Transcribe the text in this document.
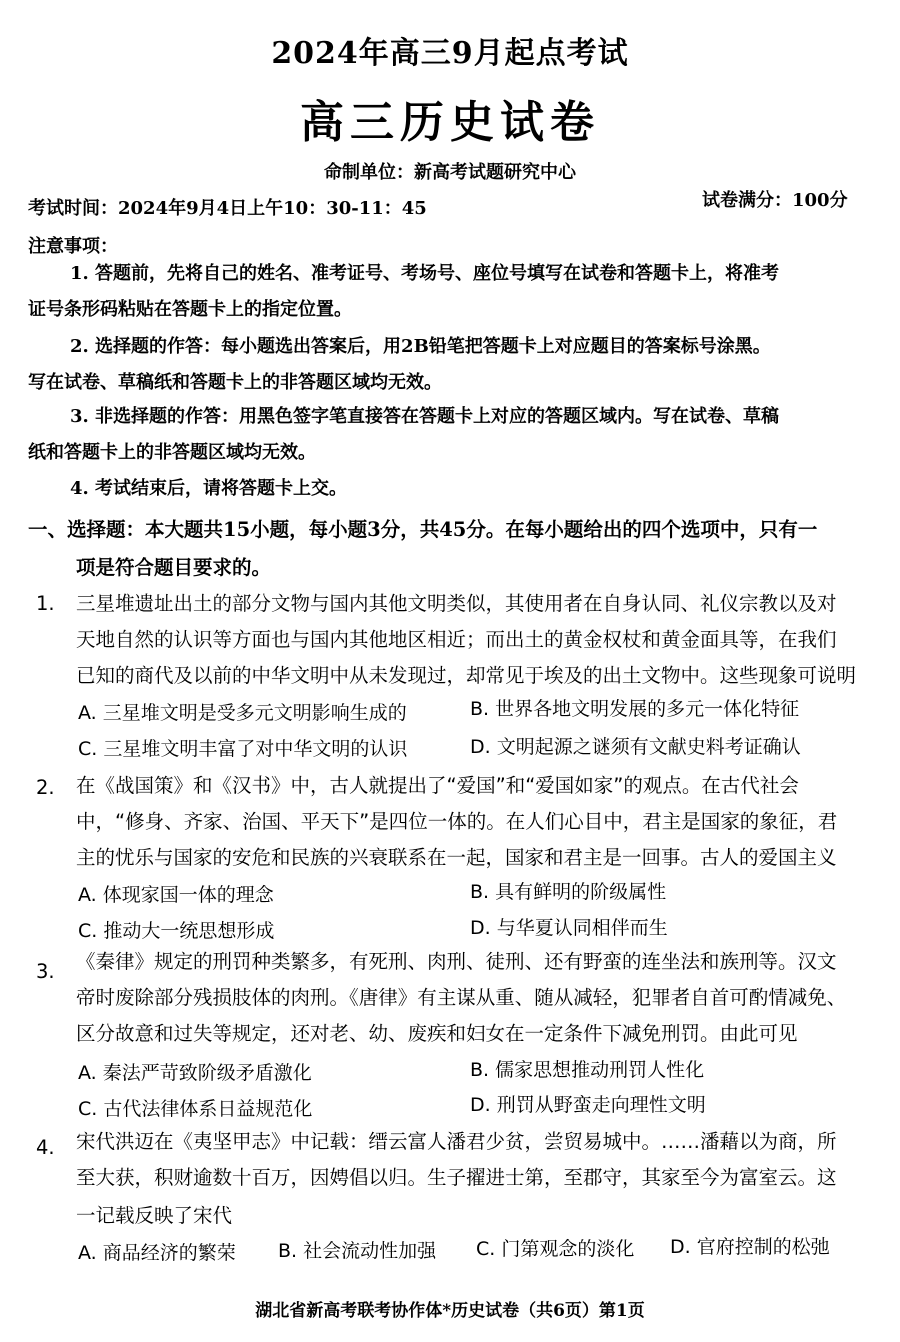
2024年高三9月起点考试
高三历史试卷
命制单位：新高考试题研究中心
考试时间：2024年9月4日上午10：30-11：45	试卷满分：100分
注意事项：
1. 答题前，先将自己的姓名、准考证号、考场号、座位号填写在试卷和答题卡上，将准考
证号条形码粘贴在答题卡上的指定位置。
2. 选择题的作答：每小题选出答案后，用2B铅笔把答题卡上对应题目的答案标号涂黑。
写在试卷、草稿纸和答题卡上的非答题区域均无效。
3. 非选择题的作答：用黑色签字笔直接答在答题卡上对应的答题区域内。写在试卷、草稿
纸和答题卡上的非答题区域均无效。
4. 考试结束后，请将答题卡上交。
一、选择题：本大题共15小题，每小题3分，共45分。在每小题给出的四个选项中，只有一
项是符合题目要求的。
1. 三星堆遗址出土的部分文物与国内其他文明类似，其使用者在自身认同、礼仪宗教以及对
天地自然的认识等方面也与国内其他地区相近；而出土的黄金权杖和黄金面具等，在我们
已知的商代及以前的中华文明中从未发现过，却常见于埃及的出土文物中。这些现象可说明
A. 三星堆文明是受多元文明影响生成的	B. 世界各地文明发展的多元一体化特征
C. 三星堆文明丰富了对中华文明的认识	D. 文明起源之谜须有文献史料考证确认
2. 在《战国策》和《汉书》中，古人就提出了“爱国”和“爱国如家”的观点。在古代社会
中，“修身、齐家、治国、平天下”是四位一体的。在人们心目中，君主是国家的象征，君
主的忧乐与国家的安危和民族的兴衰联系在一起，国家和君主是一回事。古人的爱国主义
A. 体现家国一体的理念	B. 具有鲜明的阶级属性
C. 推动大一统思想形成	D. 与华夏认同相伴而生
3. 《秦律》规定的刑罚种类繁多，有死刑、肉刑、徒刑、还有野蛮的连坐法和族刑等。汉文
帝时废除部分残损肢体的肉刑。《唐律》有主谋从重、随从减轻，犯罪者自首可酌情减免、
区分故意和过失等规定，还对老、幼、废疾和妇女在一定条件下减免刑罚。由此可见
A. 秦法严苛致阶级矛盾激化	B. 儒家思想推动刑罚人性化
C. 古代法律体系日益规范化	D. 刑罚从野蛮走向理性文明
4. 宋代洪迈在《夷坚甲志》中记载：缙云富人潘君少贫，尝贸易城中。……潘藉以为商，所
至大获，积财逾数十百万，因娉倡以归。生子擢进士第，至郡守，其家至今为富室云。这
一记载反映了宋代
A. 商品经济的繁荣 B. 社会流动性加强 C. 门第观念的淡化 D. 官府控制的松弛
湖北省新高考联考协作体*历史试卷（共6页）第1页
